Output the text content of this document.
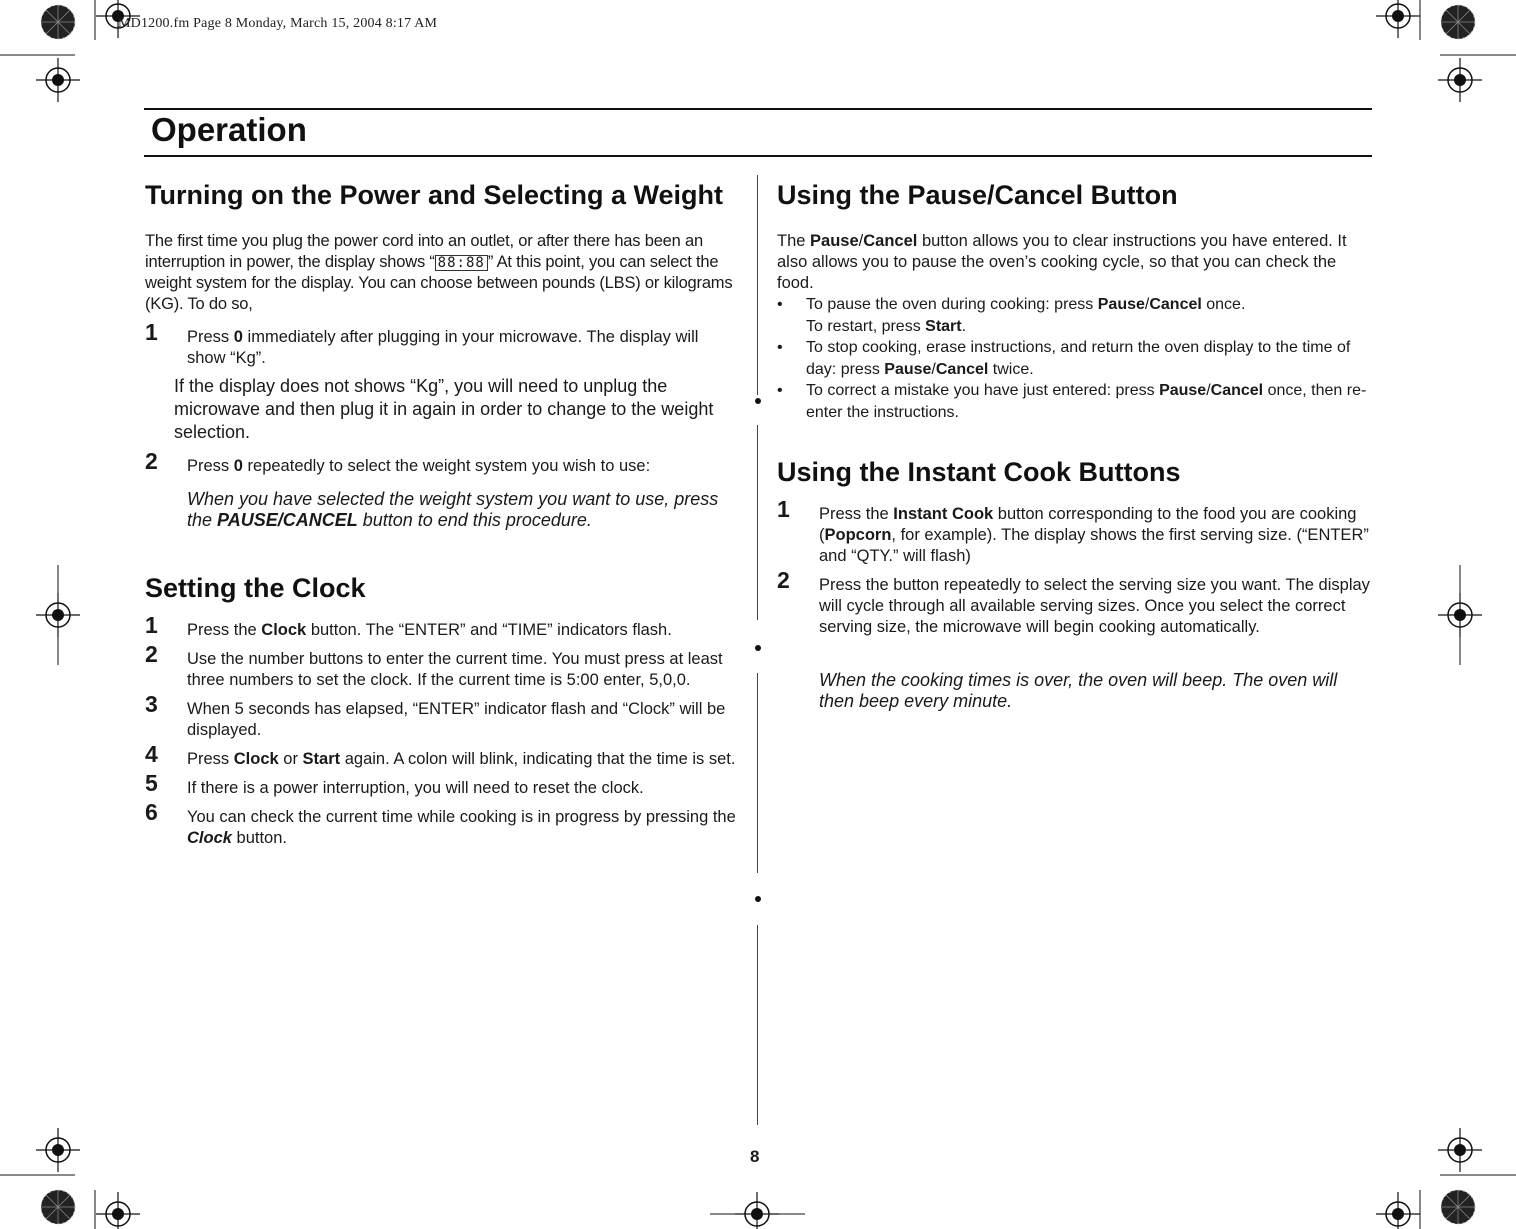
MD1200.fm Page 8 Monday, March 15, 2004 8:17 AM
Operation
Turning on the Power and Selecting a Weight

The first time you plug the power cord into an outlet, or after there has been an interruption in power, the display shows “ 88:88 ” At this point, you can select the weight system for the display. You can choose between pounds (LBS) or kilograms (KG). To do so,

1 Press 0 immediately after plugging in your microwave. The display will show “Kg”.

If the display does not shows “Kg”, you will need to unplug the microwave and then plug it in again in order to change to the weight selection.

2 Press 0 repeatedly to select the weight system you wish to use:

When you have selected the weight system you want to use, press the PAUSE/CANCEL button to end this procedure.

Setting the Clock
1 Press the Clock button. The “ENTER” and “TIME” indicators flash.
2 Use the number buttons to enter the current time. You must press at least three numbers to set the clock. If the current time is 5:00 enter, 5,0,0.
3 When 5 seconds has elapsed, “ENTER” indicator flash and “Clock” will be displayed.
4 Press Clock or Start again. A colon will blink, indicating that the time is set.
5 If there is a power interruption, you will need to reset the clock.
6 You can check the current time while cooking is in progress by pressing the Clock button.
Using the Pause/Cancel Button

The Pause/Cancel button allows you to clear instructions you have entered. It also allows you to pause the oven’s cooking cycle, so that you can check the food.

• To pause the oven during cooking: press Pause/Cancel once.
To restart, press Start.
• To stop cooking, erase instructions, and return the oven display to the time of day: press Pause/Cancel twice.
• To correct a mistake you have just entered: press Pause/Cancel once, then re-enter the instructions.
Using the Instant Cook Buttons
1 Press the Instant Cook button corresponding to the food you are cooking (Popcorn, for example). The display shows the first serving size. (“ENTER” and “QTY.” will flash)
2 Press the button repeatedly to select the serving size you want. The display will cycle through all available serving sizes. Once you select the correct serving size, the microwave will begin cooking automatically.

When the cooking times is over, the oven will beep. The oven will then beep every minute.

8
